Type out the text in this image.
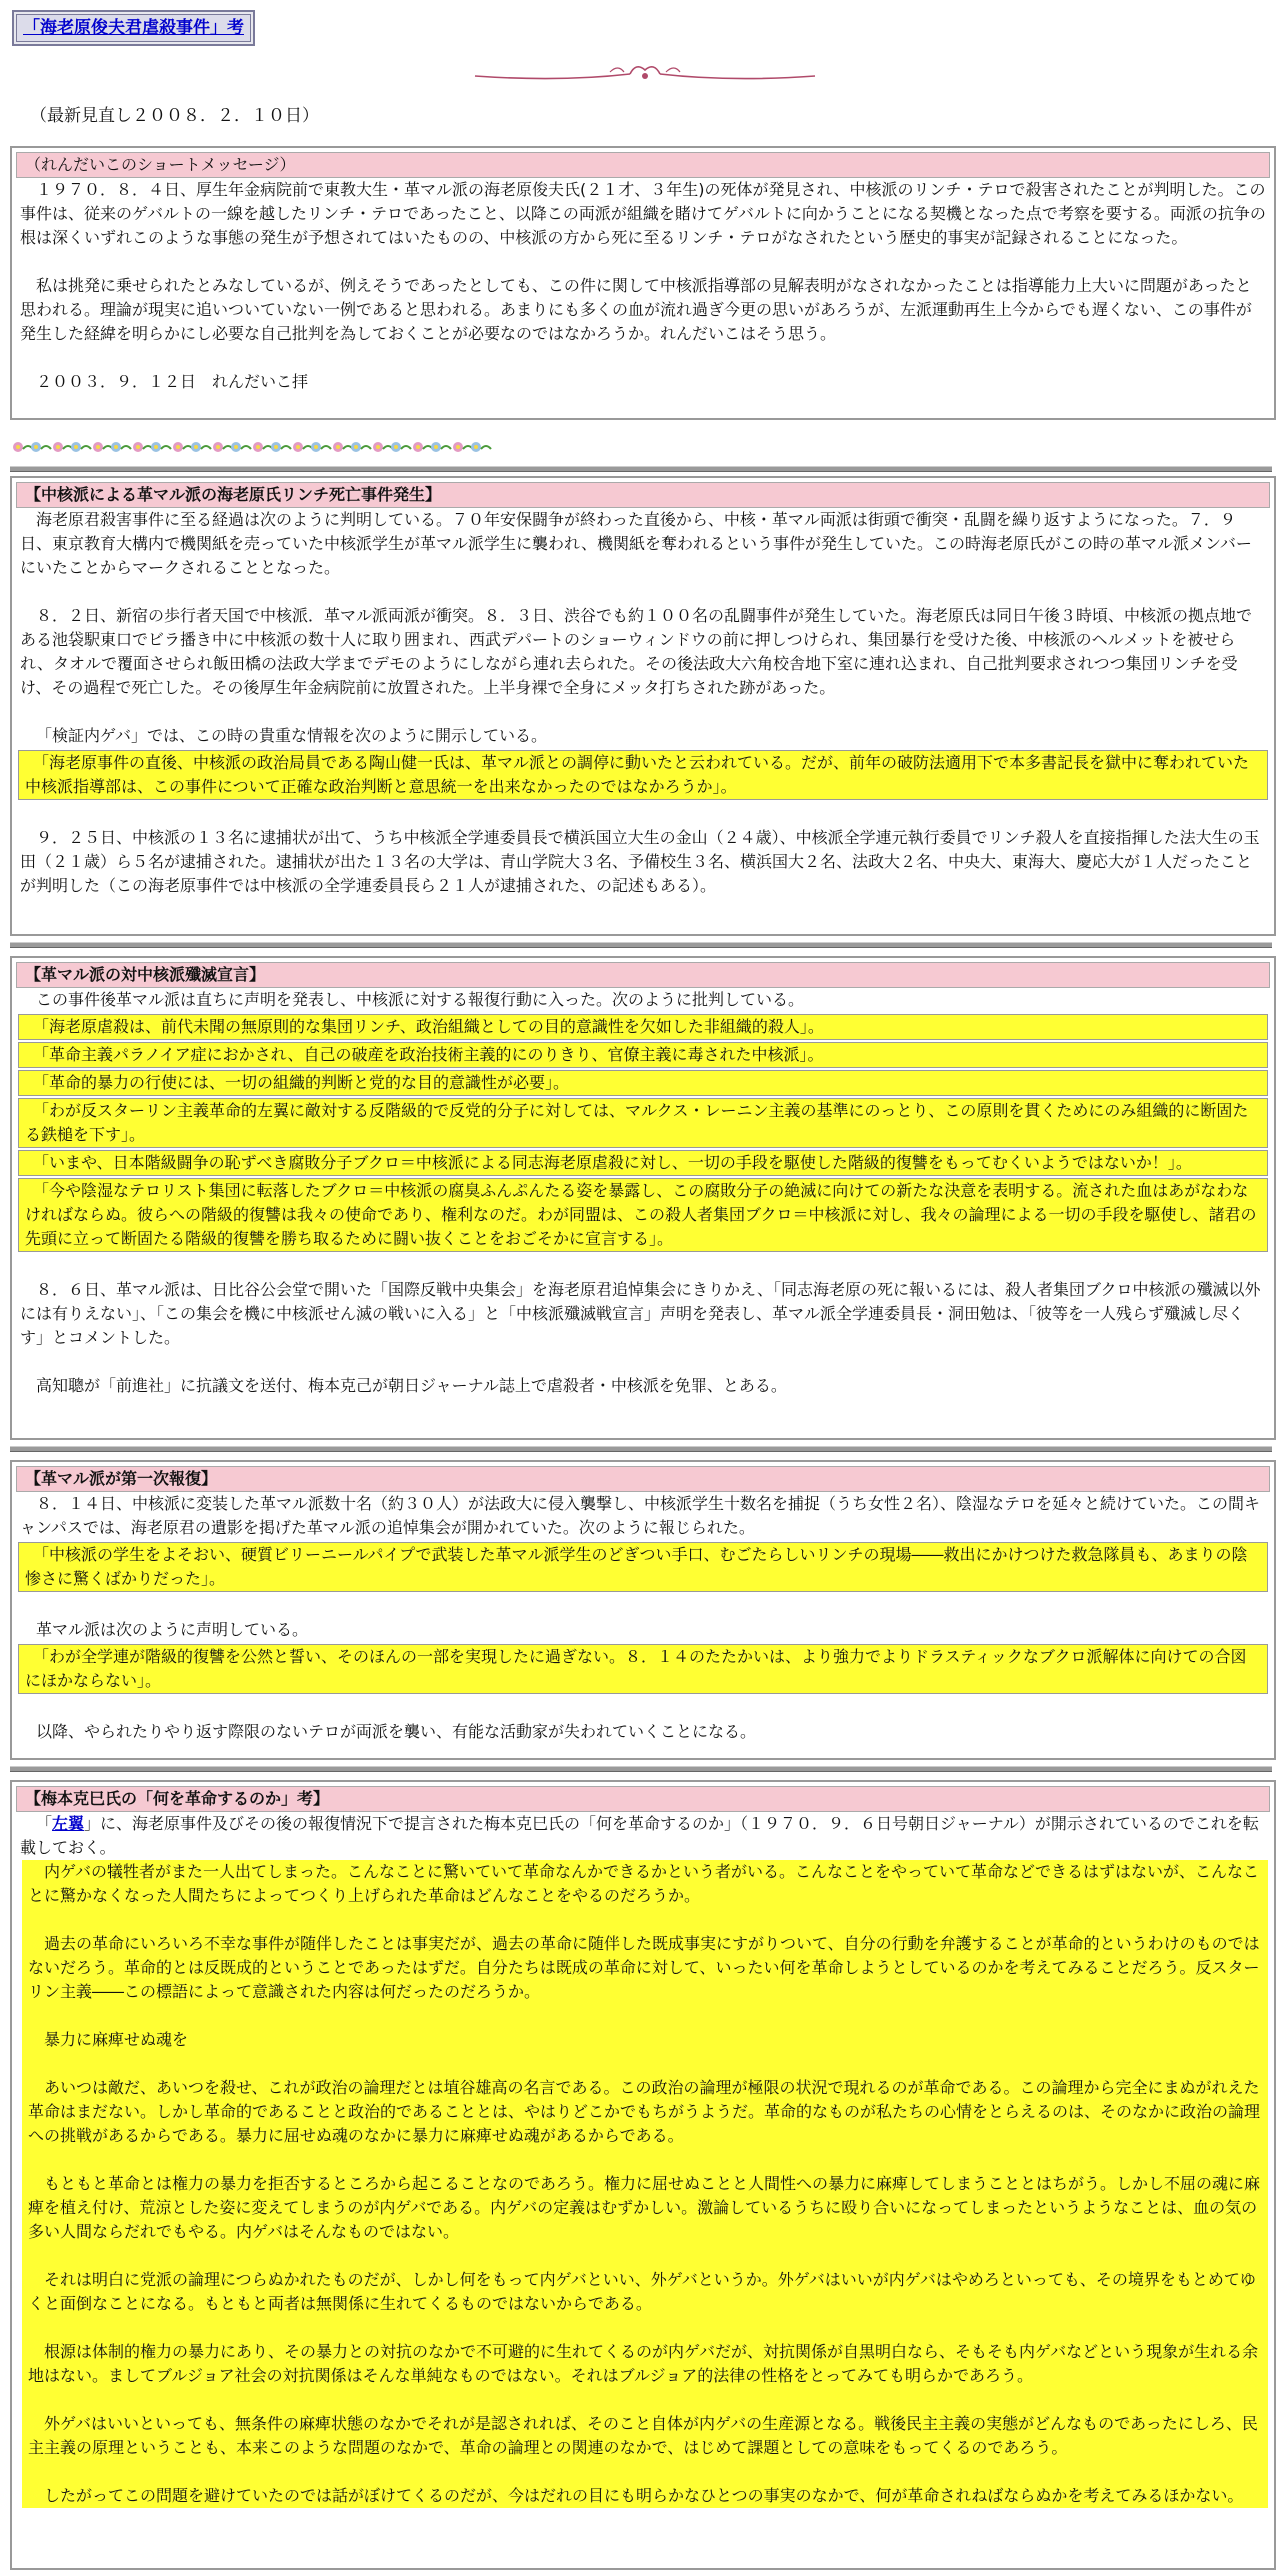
「海老原俊夫君虐殺事件」考
（最新見直し２００８．２．１０日）
（れんだいこのショートメッセージ）
１９７０．８．４日、厚生年金病院前で東教大生・革マル派の海老原俊夫氏(２１才、３年生)の死体が発見され、中核派のリンチ・テロで殺害されたことが判明した。この事件は、従来のゲバルトの一線を越したリンチ・テロであったこと、以降この両派が組織を賭けてゲバルトに向かうことになる契機となった点で考察を要する。両派の抗争の根は深くいずれこのような事態の発生が予想されてはいたものの、中核派の方から死に至るリンチ・テロがなされたという歴史的事実が記録されることになった。
私は挑発に乗せられたとみなしているが、例えそうであったとしても、この件に関して中核派指導部の見解表明がなされなかったことは指導能力上大いに問題があったと思われる。理論が現実に追いついていない一例であると思われる。あまりにも多くの血が流れ過ぎ今更の思いがあろうが、左派運動再生上今からでも遅くない、この事件が発生した経緯を明らかにし必要な自己批判を為しておくことが必要なのではなかろうか。れんだいこはそう思う。
２００３．９．１２日　れんだいこ拝
【中核派による革マル派の海老原氏リンチ死亡事件発生】
海老原君殺害事件に至る経過は次のように判明している。７０年安保闘争が終わった直後から、中核・革マル両派は街頭で衝突・乱闘を繰り返すようになった。７．９日、東京教育大構内で機関紙を売っていた中核派学生が革マル派学生に襲われ、機関紙を奪われるという事件が発生していた。この時海老原氏がこの時の革マル派メンバーにいたことからマークされることとなった。
８．２日、新宿の歩行者天国で中核派．革マル派両派が衝突。８．３日、渋谷でも約１００名の乱闘事件が発生していた。海老原氏は同日午後３時頃、中核派の拠点地である池袋駅東口でビラ播き中に中核派の数十人に取り囲まれ、西武デパートのショーウィンドウの前に押しつけられ、集団暴行を受けた後、中核派のヘルメットを被せられ、タオルで覆面させられ飯田橋の法政大学までデモのようにしながら連れ去られた。その後法政大六角校舎地下室に連れ込まれ、自己批判要求されつつ集団リンチを受け、その過程で死亡した。その後厚生年金病院前に放置された。上半身裸で全身にメッタ打ちされた跡があった。
「検証内ゲバ」では、この時の貴重な情報を次のように開示している。
「海老原事件の直後、中核派の政治局員である陶山健一氏は、革マル派との調停に動いたと云われている。だが、前年の破防法適用下で本多書記長を獄中に奪われていた中核派指導部は、この事件について正確な政治判断と意思統一を出来なかったのではなかろうか」。
９．２５日、中核派の１３名に逮捕状が出て、うち中核派全学連委員長で横浜国立大生の金山（２４歳）、中核派全学連元執行委員でリンチ殺人を直接指揮した法大生の玉田（２１歳）ら５名が逮捕された。逮捕状が出た１３名の大学は、青山学院大３名、予備校生３名、横浜国大２名、法政大２名、中央大、東海大、慶応大が１人だったことが判明した（この海老原事件では中核派の全学連委員長ら２１人が逮捕された、の記述もある）。
【革マル派の対中核派殲滅宣言】
この事件後革マル派は直ちに声明を発表し、中核派に対する報復行動に入った。次のように批判している。
「海老原虐殺は、前代未聞の無原則的な集団リンチ、政治組織としての目的意識性を欠如した非組織的殺人」。
「革命主義パラノイア症におかされ、自己の破産を政治技術主義的にのりきり、官僚主義に毒された中核派」。
「革命的暴力の行使には、一切の組織的判断と党的な目的意識性が必要」。
「わが反スターリン主義革命的左翼に敵対する反階級的で反党的分子に対しては、マルクス・レーニン主義の基準にのっとり、この原則を貫くためにのみ組織的に断固たる鉄槌を下す」。
「いまや、日本階級闘争の恥ずべき腐敗分子ブクロ＝中核派による同志海老原虐殺に対し、一切の手段を駆使した階級的復讐をもってむくいようではないか！」。
「今や陰湿なテロリスト集団に転落したブクロ＝中核派の腐臭ふんぷんたる姿を暴露し、この腐敗分子の絶滅に向けての新たな決意を表明する。流された血はあがなわなければならぬ。彼らへの階級的復讐は我々の使命であり、権利なのだ。わが同盟は、この殺人者集団ブクロ＝中核派に対し、我々の論理による一切の手段を駆使し、諸君の先頭に立って断固たる階級的復讐を勝ち取るために闘い抜くことをおごそかに宣言する」。
８．６日、革マル派は、日比谷公会堂で開いた「国際反戦中央集会」を海老原君追悼集会にきりかえ、「同志海老原の死に報いるには、殺人者集団ブクロ中核派の殲滅以外には有りえない」、「この集会を機に中核派せん滅の戦いに入る」と「中核派殲滅戦宣言」声明を発表し、革マル派全学連委員長・洞田勉は、「彼等を一人残らず殲滅し尽くす」とコメントした。
高知聰が「前進社」に抗議文を送付、梅本克己が朝日ジャーナル誌上で虐殺者・中核派を免罪、とある。
【革マル派が第一次報復】
８．１４日、中核派に変装した革マル派数十名（約３０人）が法政大に侵入襲撃し、中核派学生十数名を捕捉（うち女性２名）、陰湿なテロを延々と続けていた。この間キャンパスでは、海老原君の遺影を掲げた革マル派の追悼集会が開かれていた。次のように報じられた。
「中核派の学生をよそおい、硬質ビリーニールパイプで武装した革マル派学生のどぎつい手口、むごたらしいリンチの現場――救出にかけつけた救急隊員も、あまりの陰惨さに驚くばかりだった」。
革マル派は次のように声明している。
「わが全学連が階級的復讐を公然と誓い、そのほんの一部を実現したに過ぎない。８．１４のたたかいは、より強力でよりドラスティックなブクロ派解体に向けての合図にほかならない」。
以降、やられたりやり返す際限のないテロが両派を襲い、有能な活動家が失われていくことになる。
【梅本克巳氏の「何を革命するのか」考】
「左翼」に、海老原事件及びその後の報復情況下で提言された梅本克巳氏の「何を革命するのか」（１９７０．９．６日号朝日ジャーナル）が開示されているのでこれを転載しておく。

内ゲバの犠牲者がまた一人出てしまった。こんなことに驚いていて革命なんかできるかという者がいる。こんなことをやっていて革命などできるはずはないが、こんなことに驚かなくなった人間たちによってつくり上げられた革命はどんなことをやるのだろうか。

過去の革命にいろいろ不幸な事件が随伴したことは事実だが、過去の革命に随伴した既成事実にすがりついて、自分の行動を弁護することが革命的というわけのものではないだろう。革命的とは反既成的ということであったはずだ。自分たちは既成の革命に対して、いったい何を革命しようとしているのかを考えてみることだろう。反スターリン主義――この標語によって意識された内容は何だったのだろうか。

暴力に麻痺せぬ魂を

あいつは敵だ、あいつを殺せ、これが政治の論理だとは埴谷雄高の名言である。この政治の論理が極限の状況で現れるのが革命である。この論理から完全にまぬがれえた革命はまだない。しかし革命的であることと政治的であることとは、やはりどこかでもちがうようだ。革命的なものが私たちの心情をとらえるのは、そのなかに政治の論理への挑戦があるからである。暴力に屈せぬ魂のなかに暴力に麻痺せぬ魂があるからである。

もともと革命とは権力の暴力を拒否するところから起こることなのであろう。権力に屈せぬことと人間性への暴力に麻痺してしまうこととはちがう。しかし不屈の魂に麻痺を植え付け、荒涼とした姿に変えてしまうのが内ゲバである。内ゲバの定義はむずかしい。激論しているうちに殴り合いになってしまったというようなことは、血の気の多い人間ならだれでもやる。内ゲバはそんなものではない。

それは明白に党派の論理につらぬかれたものだが、しかし何をもって内ゲバといい、外ゲバというか。外ゲバはいいが内ゲバはやめろといっても、その境界をもとめてゆくと面倒なことになる。もともと両者は無関係に生れてくるものではないからである。

根源は体制的権力の暴力にあり、その暴力との対抗のなかで不可避的に生れてくるのが内ゲバだが、対抗関係が自黒明白なら、そもそも内ゲバなどという現象が生れる余地はない。ましてブルジョア社会の対抗関係はそんな単純なものではない。それはブルジョア的法律の性格をとってみても明らかであろう。

外ゲバはいいといっても、無条件の麻痺状態のなかでそれが是認されれば、そのこと自体が内ゲバの生産源となる。戦後民主主義の実態がどんなものであったにしろ、民主主義の原理ということも、本来このような問題のなかで、革命の論理との関連のなかで、はじめて課題としての意味をもってくるのであろう。

したがってこの問題を避けていたのでは話がぼけてくるのだが、今はだれの目にも明らかなひとつの事実のなかで、何が革命されねばならぬかを考えてみるほかない。
